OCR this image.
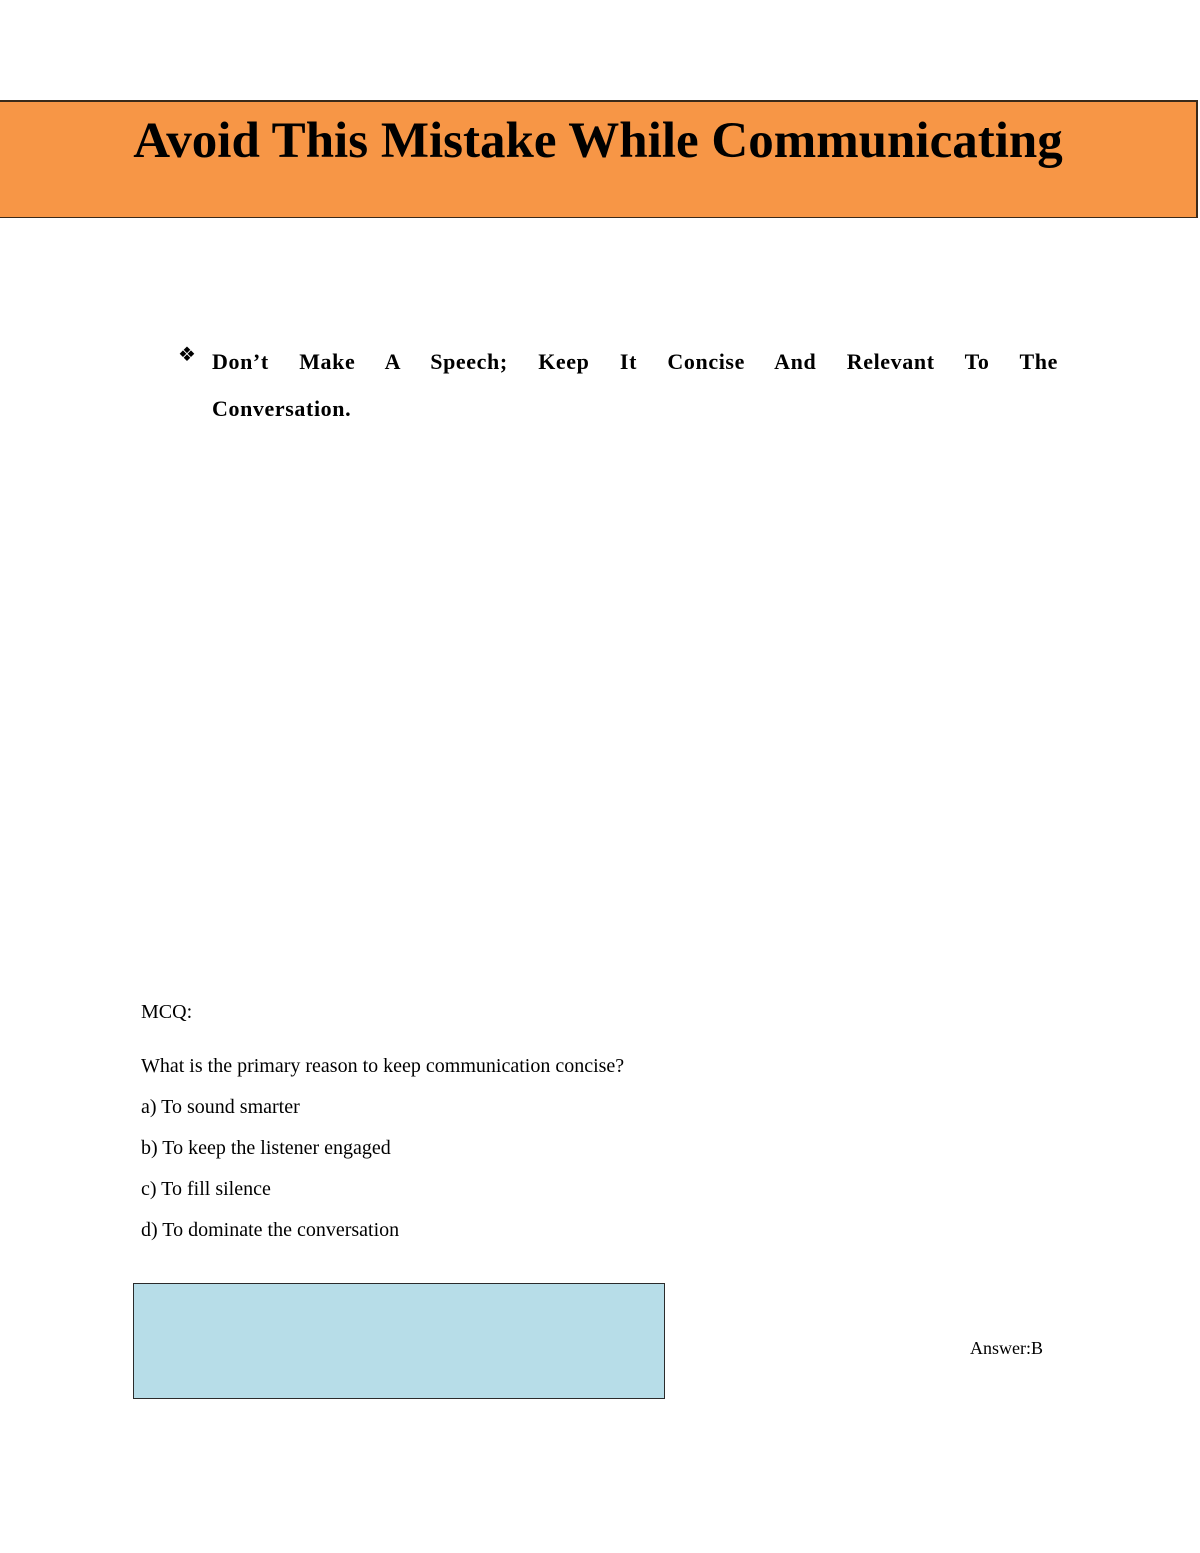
Avoid This Mistake While Communicating
❖ Don’t Make A Speech; Keep It Concise And Relevant To The Conversation.
MCQ:
What is the primary reason to keep communication concise?
a) To sound smarter
b) To keep the listener engaged
c) To fill silence
d) To dominate the conversation
Answer:B
